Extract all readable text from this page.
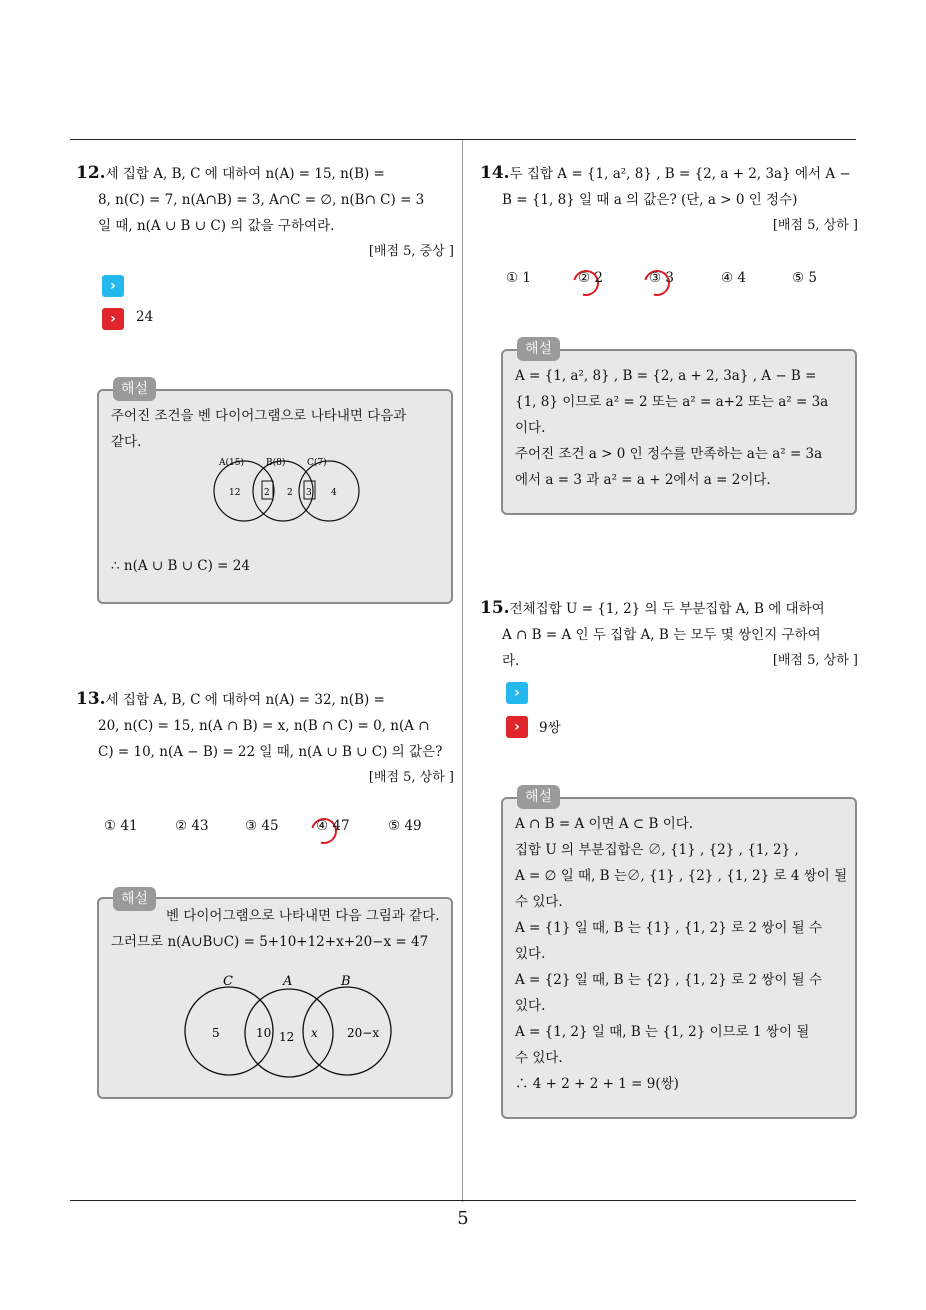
5
12.세 집합 A, B, C 에 대하여 n(A) = 15, n(B) =
8, n(C) = 7, n(A∩B) = 3, A∩C = ∅, n(B∩ C) = 3
일 때, n(A ∪ B ∪ C) 의 값을 구하여라.
[배점 5, 중상 ]
›
›	24
해설
주어진 조건을 벤 다이어그램으로 나타내면 다음과
같다.
A(15) B(8) C(7)
12	2 2 3 4
∴ n(A ∪ B ∪ C) = 24
13.세 집합 A, B, C 에 대하여 n(A) = 32, n(B) =
20, n(C) = 15, n(A ∩ B) = x, n(B ∩ C) = 0, n(A ∩
C) = 10, n(A − B) = 22 일 때, n(A ∪ B ∪ C) 의 값은?
[배점 5, 상하 ]
① 41	② 43	③ 45	④ 47	⑤ 49
해설
벤 다이어그램으로 나타내면 다음 그림과 같다.
그러므로 n(A∪B∪C) = 5+10+12+x+20−x = 47
C	A	B
5	10 12 x 20−x
14.두 집합 A = {1, a², 8} , B = {2, a + 2, 3a} 에서 A −
B = {1, 8} 일 때 a 의 값은? (단, a > 0 인 정수)
[배점 5, 상하 ]
① 1	② 2	③ 3	④ 4	⑤ 5
해설
A = {1, a², 8} , B = {2, a + 2, 3a} , A − B =
{1, 8} 이므로 a² = 2 또는 a² = a+2 또는 a² = 3a
이다.
주어진 조건 a > 0 인 정수를 만족하는 a는 a² = 3a
에서 a = 3 과 a² = a + 2에서 a = 2이다.
15.전체집합 U = {1, 2} 의 두 부분집합 A, B 에 대하여
A ∩ B = A 인 두 집합 A, B 는 모두 몇 쌍인지 구하여
라.	[배점 5, 상하 ]
›
›	9쌍
해설
A ∩ B = A 이면 A ⊂ B 이다.
집합 U 의 부분집합은 ∅, {1} , {2} , {1, 2} ,
A = ∅ 일 때, B 는∅, {1} , {2} , {1, 2} 로 4 쌍이 될
수 있다.
A = {1} 일 때, B 는 {1} , {1, 2} 로 2 쌍이 될 수
있다.
A = {2} 일 때, B 는 {2} , {1, 2} 로 2 쌍이 될 수
있다.
A = {1, 2} 일 때, B 는 {1, 2} 이므로 1 쌍이 될
수 있다.
∴ 4 + 2 + 2 + 1 = 9(쌍)
